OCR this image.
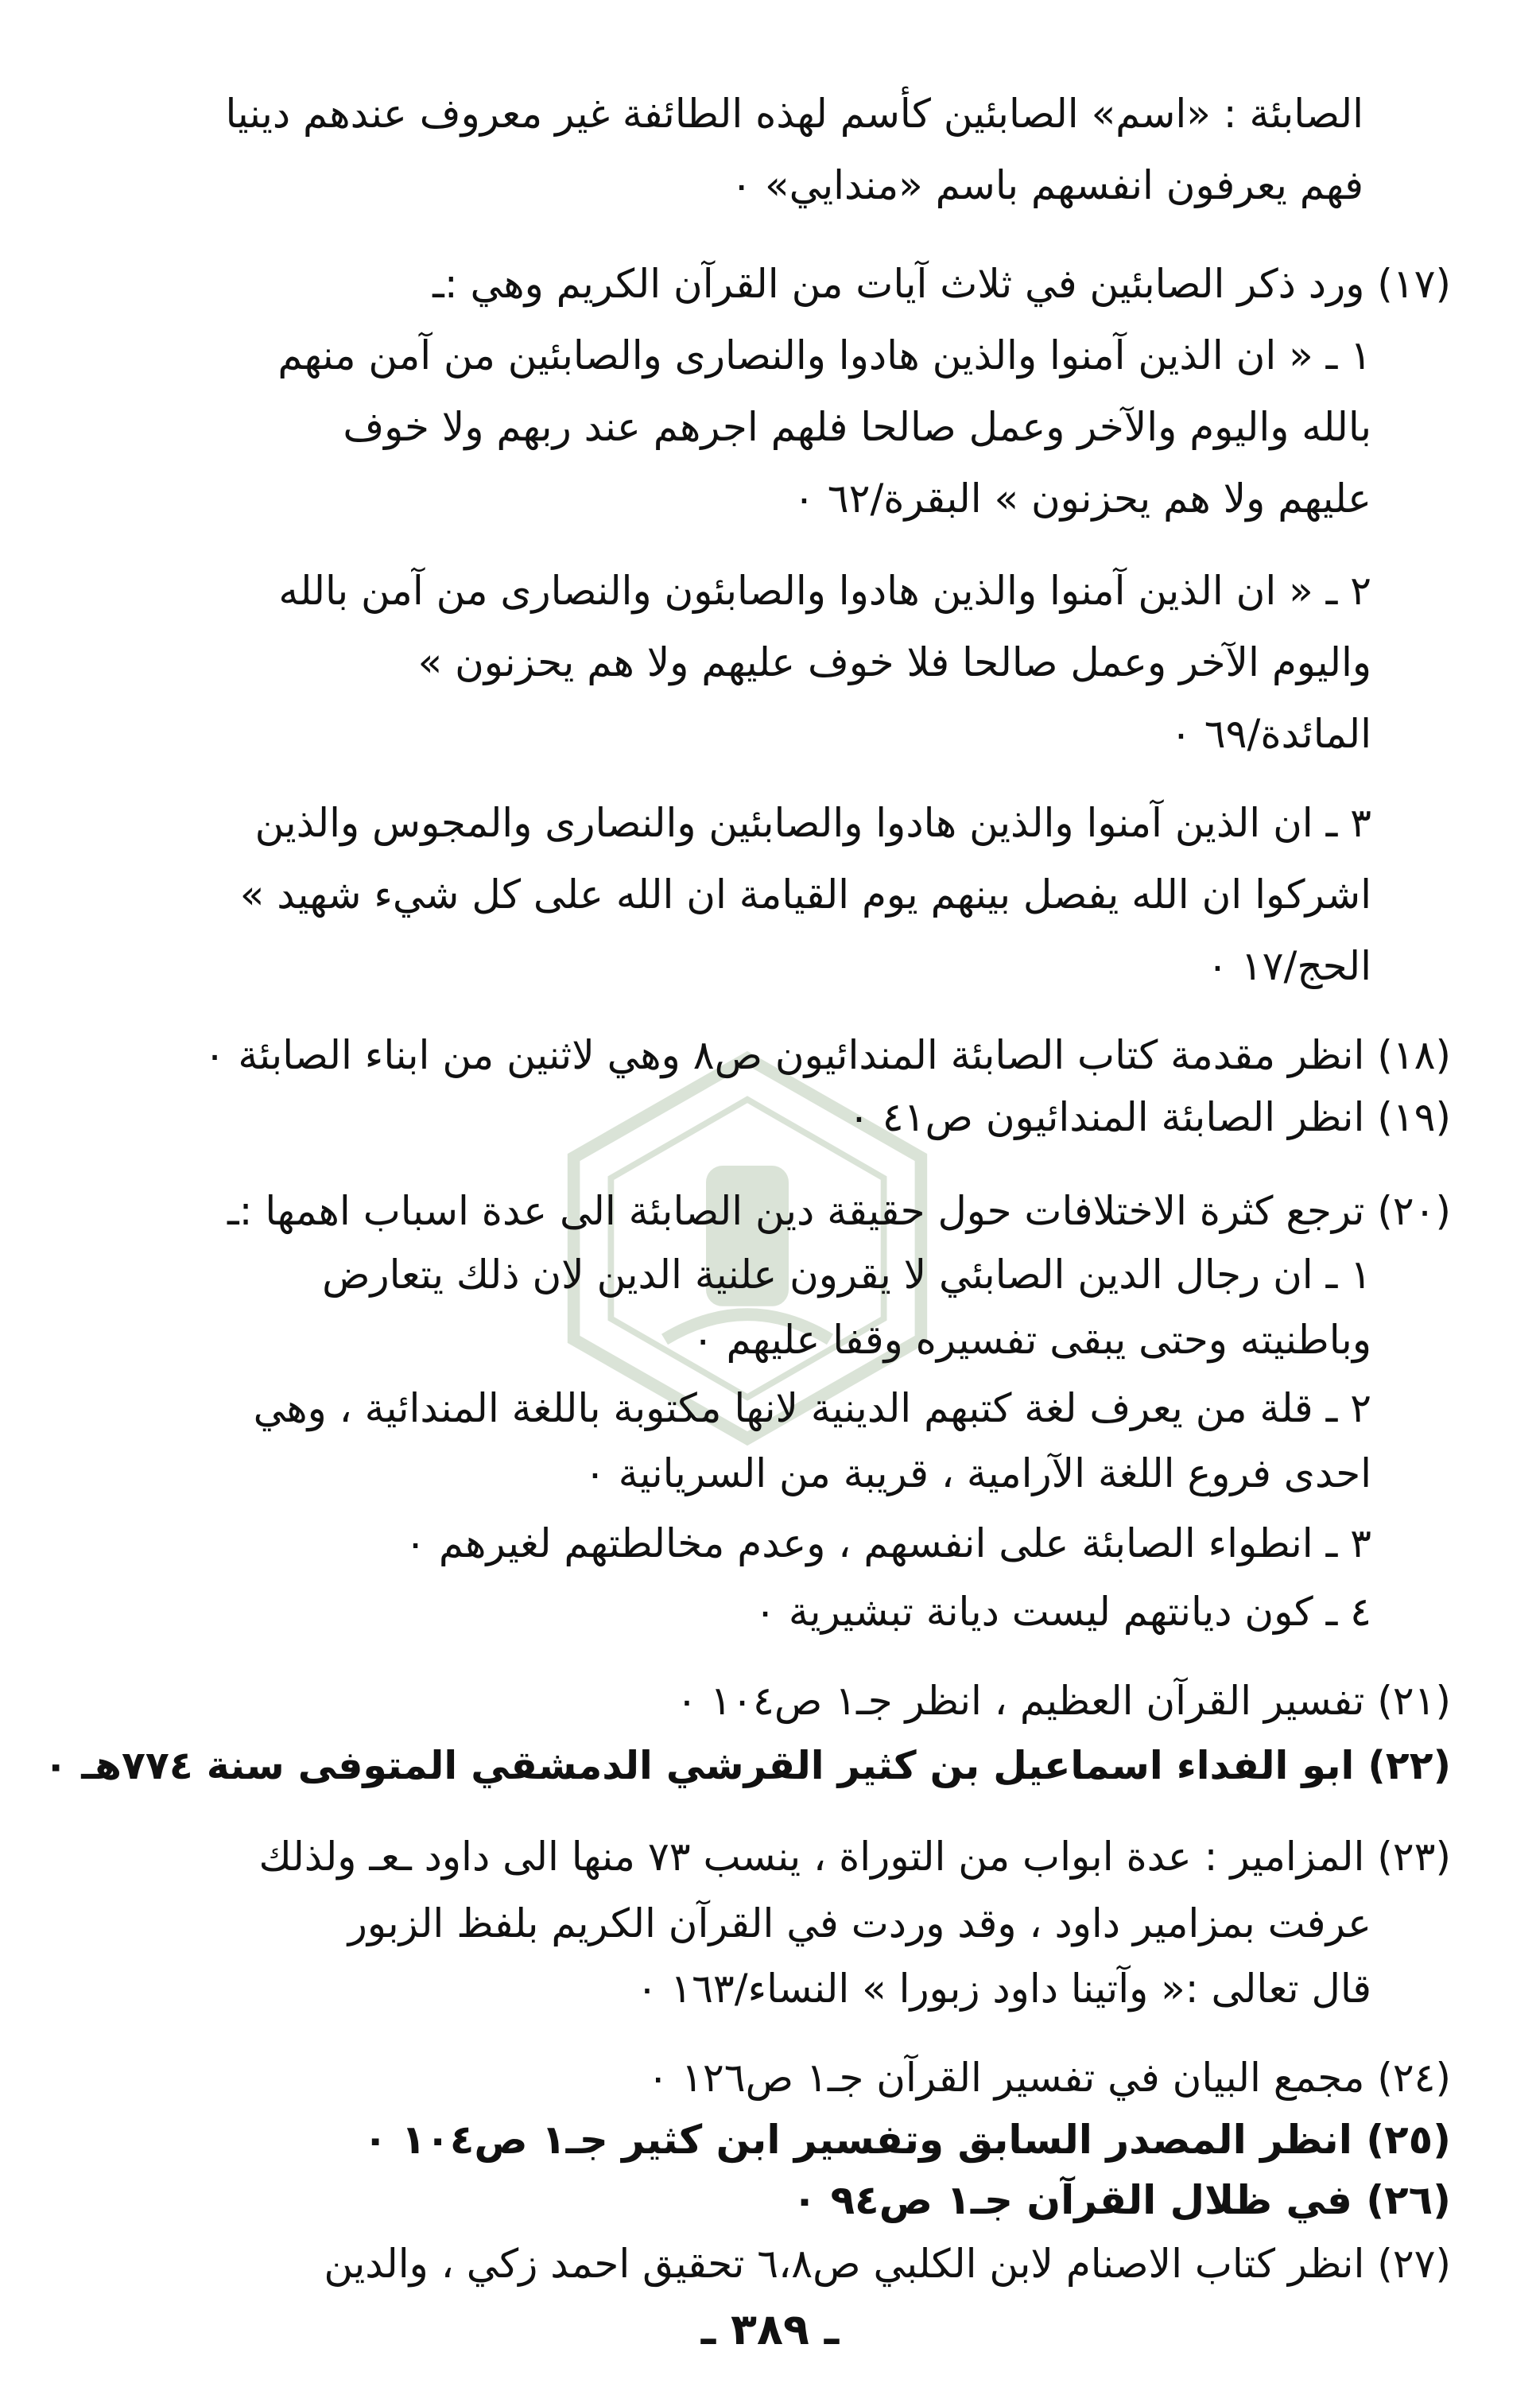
الصابئة : «اسم» الصابئين كأسم لهذه الطائفة غير معروف عندهم دينيا
فهم يعرفون انفسهم باسم «مندايي» ٠
(١٧) ورد ذكر الصابئين في ثلاث آيات من القرآن الكريم وهي :ـ
١ ـ « ان الذين آمنوا والذين هادوا والنصارى والصابئين من آمن منهم
بالله واليوم والآخر وعمل صالحا فلهم اجرهم عند ربهم ولا خوف
عليهم ولا هم يحزنون » البقرة/٦٢ ٠
٢ ـ « ان الذين آمنوا والذين هادوا والصابئون والنصارى من آمن بالله
واليوم الآخر وعمل صالحا فلا خوف عليهم ولا هم يحزنون »
المائدة/٦٩ ٠
٣ ـ ان الذين آمنوا والذين هادوا والصابئين والنصارى والمجوس والذين
اشركوا ان الله يفصل بينهم يوم القيامة ان الله على كل شيء شهيد »
الحج/١٧ ٠
(١٨) انظر مقدمة كتاب الصابئة المندائيون ص٨ وهي لاثنين من ابناء الصابئة ٠
(١٩) انظر الصابئة المندائيون ص٤١ ٠
(٢٠) ترجع كثرة الاختلافات حول حقيقة دين الصابئة الى عدة اسباب اهمها :ـ
١ ـ ان رجال الدين الصابئي لا يقرون علنية الدين لان ذلك يتعارض
وباطنيته وحتى يبقى تفسيره وقفا عليهم ٠
٢ ـ قلة من يعرف لغة كتبهم الدينية لانها مكتوبة باللغة المندائية ، وهي
احدى فروع اللغة الآرامية ، قريبة من السريانية ٠
٣ ـ انطواء الصابئة على انفسهم ، وعدم مخالطتهم لغيرهم ٠
٤ ـ كون ديانتهم ليست ديانة تبشيرية ٠
(٢١) تفسير القرآن العظيم ، انظر جـ١ ص١٠٤ ٠
(٢٢) ابو الفداء اسماعيل بن كثير القرشي الدمشقي المتوفى سنة ٧٧٤هـ ٠
(٢٣) المزامير : عدة ابواب من التوراة ، ينسب ٧٣ منها الى داود ـعـ ولذلك
عرفت بمزامير داود ، وقد وردت في القرآن الكريم بلفظ الزبور
قال تعالى :« وآتينا داود زبورا » النساء/١٦٣ ٠
(٢٤) مجمع البيان في تفسير القرآن جـ١ ص١٢٦ ٠
(٢٥) انظر المصدر السابق وتفسير ابن كثير جـ١ ص١٠٤ ٠
(٢٦) في ظلال القرآن جـ١ ص٩٤ ٠
(٢٧) انظر كتاب الاصنام لابن الكلبي ص٦،٨ تحقيق احمد زكي ، والدين
ـ ٣٨٩ ـ
